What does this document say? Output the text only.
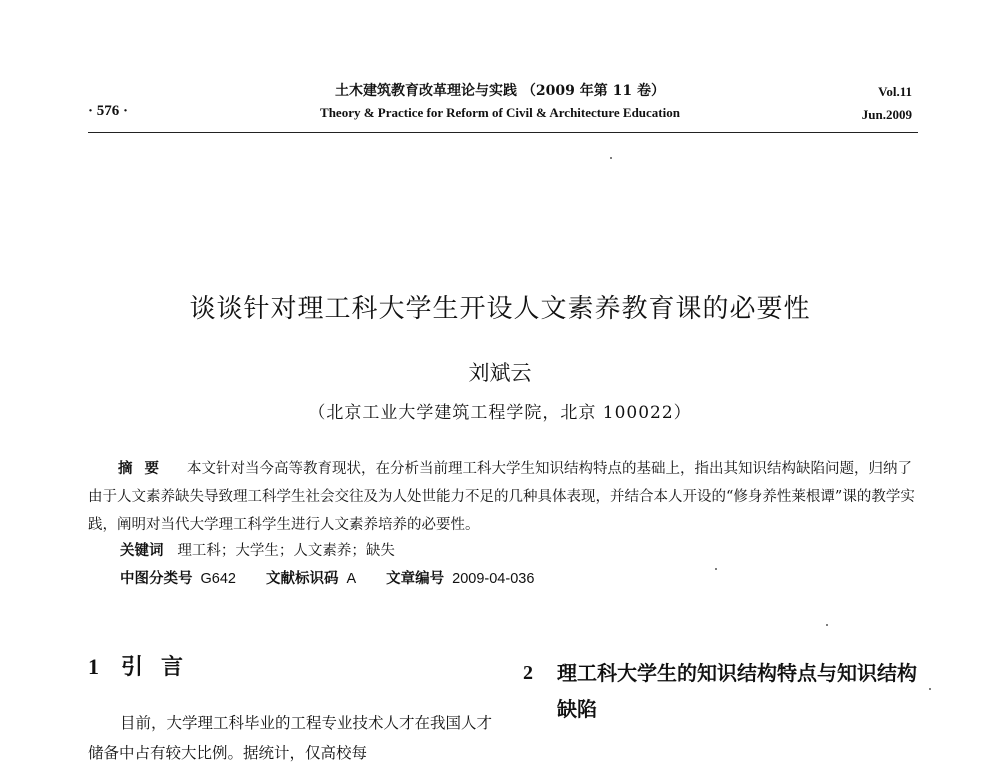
· 576 ·
土木建筑教育改革理论与实践 （2009 年第 11 卷）
Theory & Practice for Reform of Civil & Architecture Education
Vol.11
Jun.2009
谈谈针对理工科大学生开设人文素养教育课的必要性
刘斌云
（北京工业大学建筑工程学院，北京 100022）
摘要 本文针对当今高等教育现状，在分析当前理工科大学生知识结构特点的基础上，指出其知识结构缺陷问题，归纳了由于人文素养缺失导致理工科学生社会交往及为人处世能力不足的几种具体表现，并结合本人开设的“修身养性莱根谭”课的教学实践，阐明对当代大学理工科学生进行人文素养培养的必要性。
关键词 理工科；大学生；人文素养；缺失
中图分类号 G642 文献标识码 A 文章编号 2009-04-036
1 引言
目前，大学理工科毕业的工程专业技术人才在我国人才储备中占有较大比例。据统计，仅高校每
2 理工科大学生的知识结构特点与知识结构缺陷
